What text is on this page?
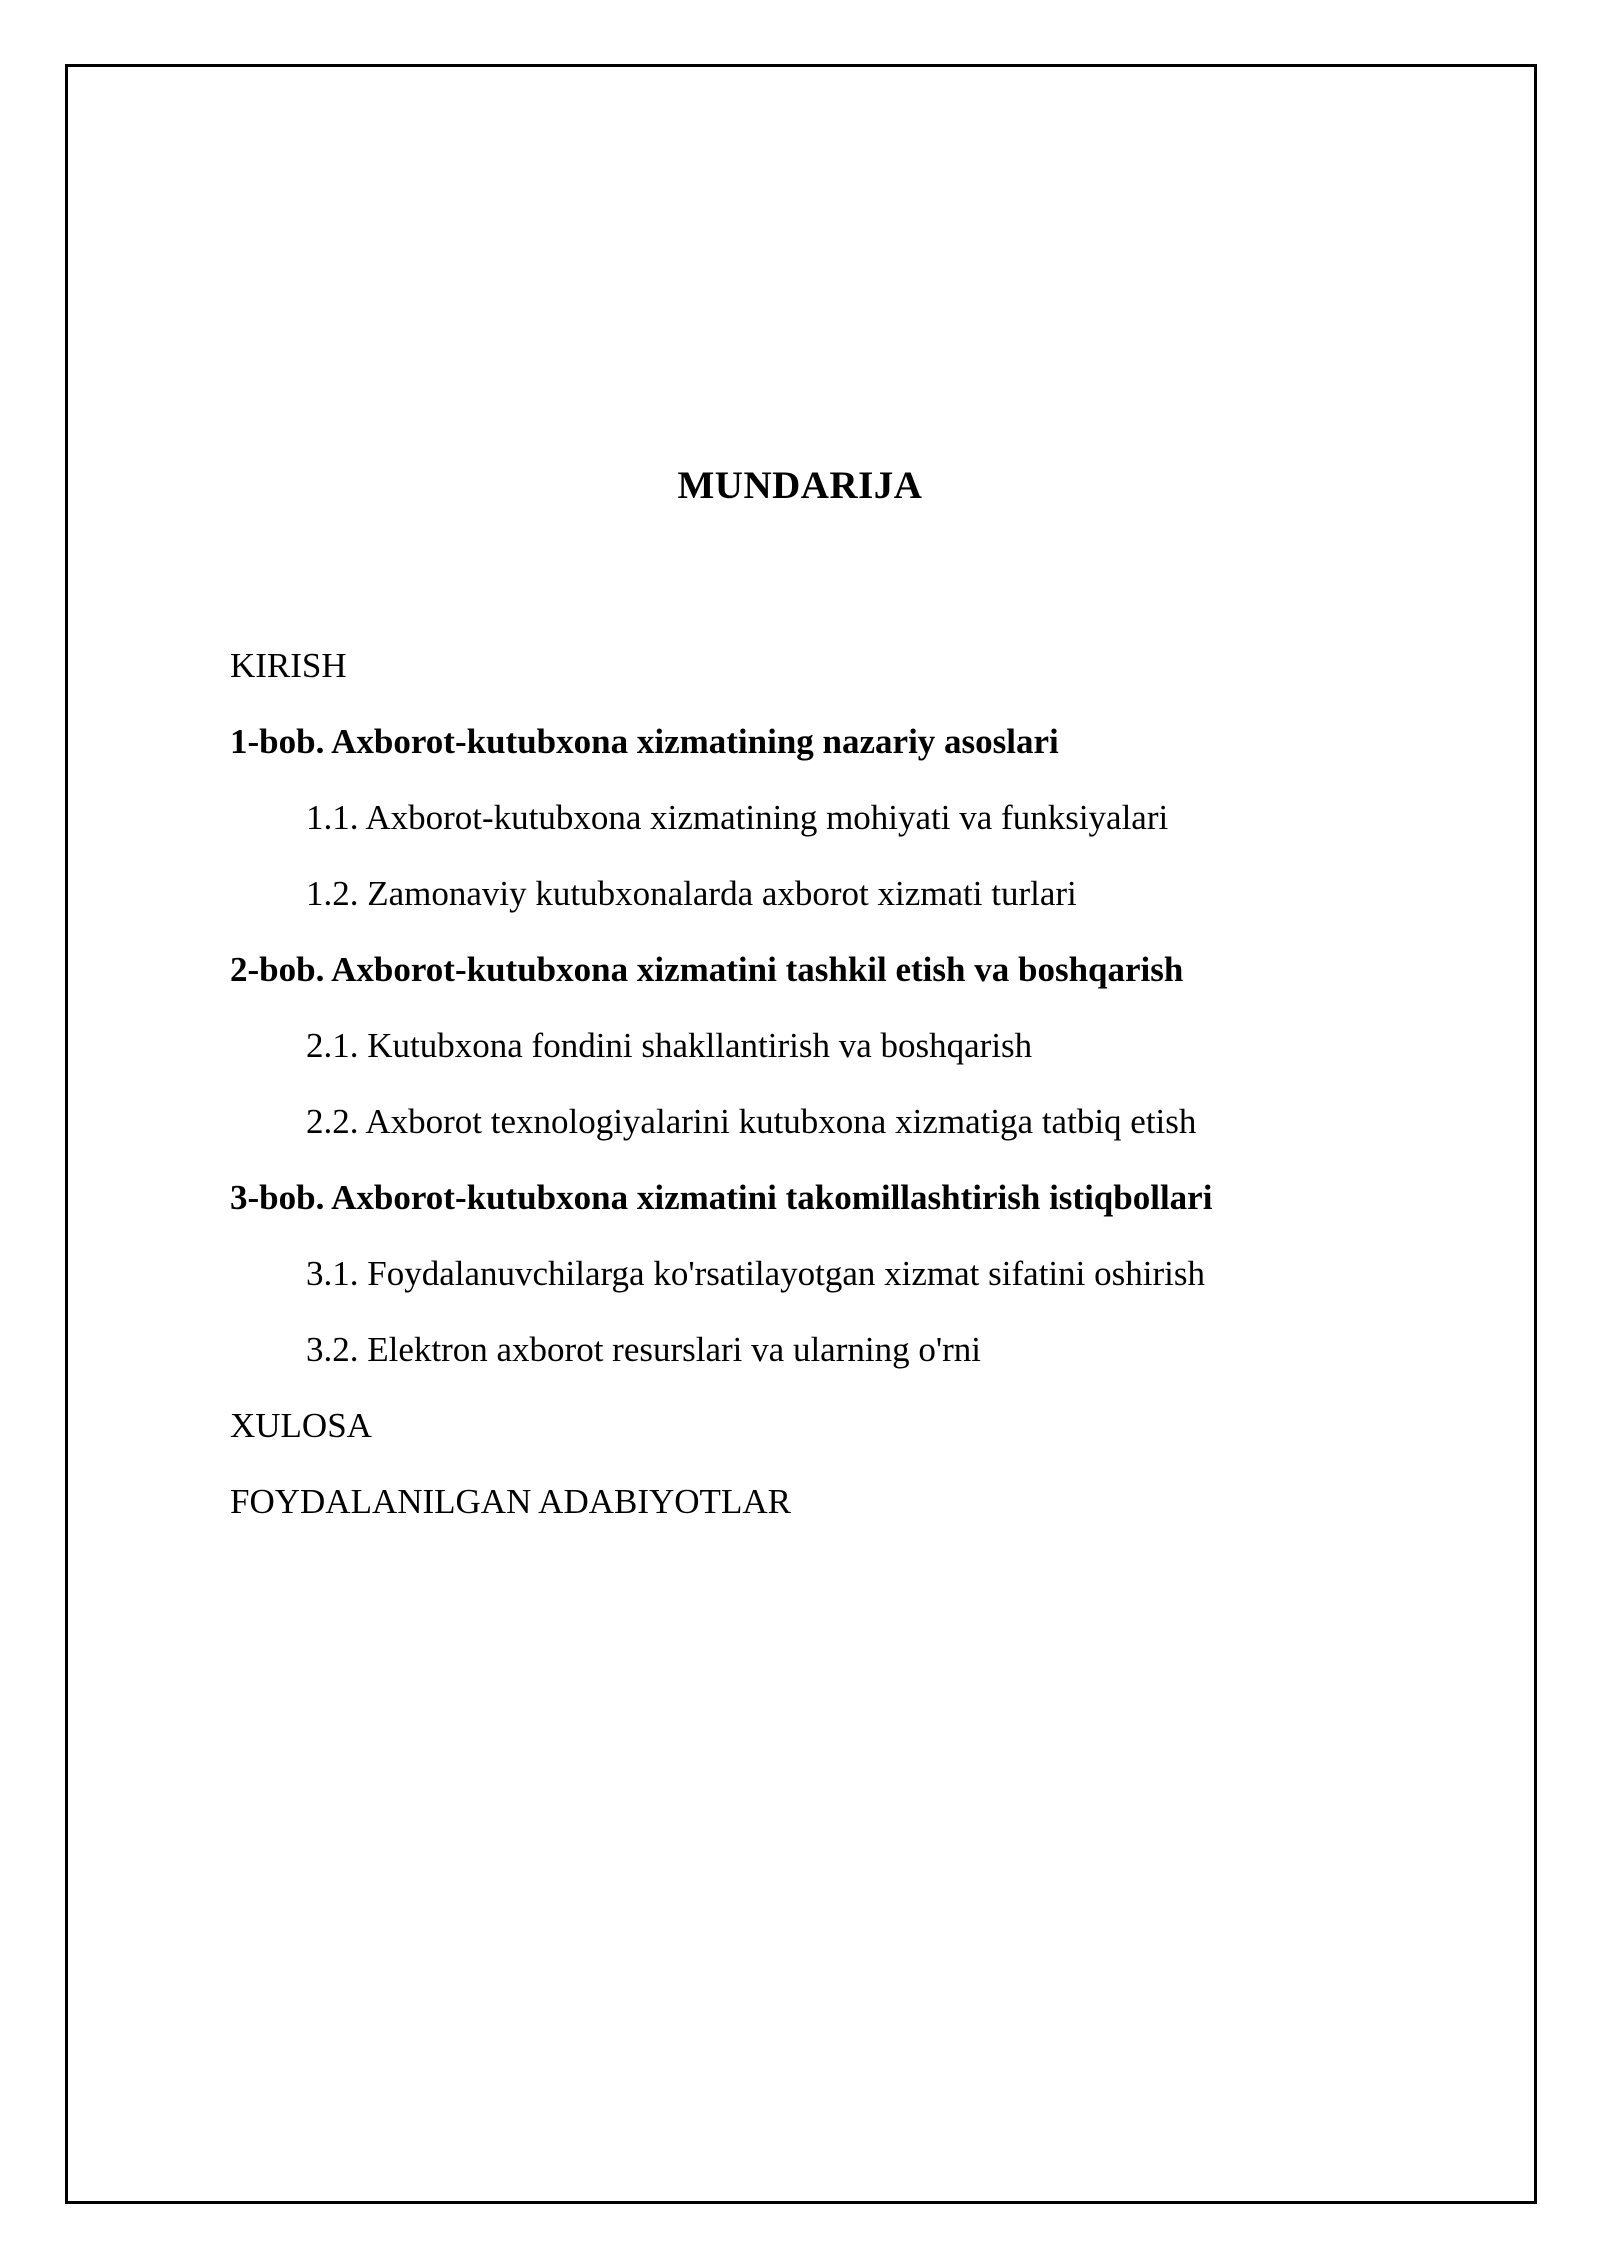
MUNDARIJA
KIRISH
1-bob. Axborot-kutubxona xizmatining nazariy asoslari
1.1. Axborot-kutubxona xizmatining mohiyati va funksiyalari
1.2. Zamonaviy kutubxonalarda axborot xizmati turlari
2-bob. Axborot-kutubxona xizmatini tashkil etish va boshqarish
2.1. Kutubxona fondini shakllantirish va boshqarish
2.2. Axborot texnologiyalarini kutubxona xizmatiga tatbiq etish
3-bob. Axborot-kutubxona xizmatini takomillashtirish istiqbollari
3.1. Foydalanuvchilarga ko'rsatilayotgan xizmat sifatini oshirish
3.2. Elektron axborot resurslari va ularning o'rni
XULOSA
FOYDALANILGAN ADABIYOTLAR
